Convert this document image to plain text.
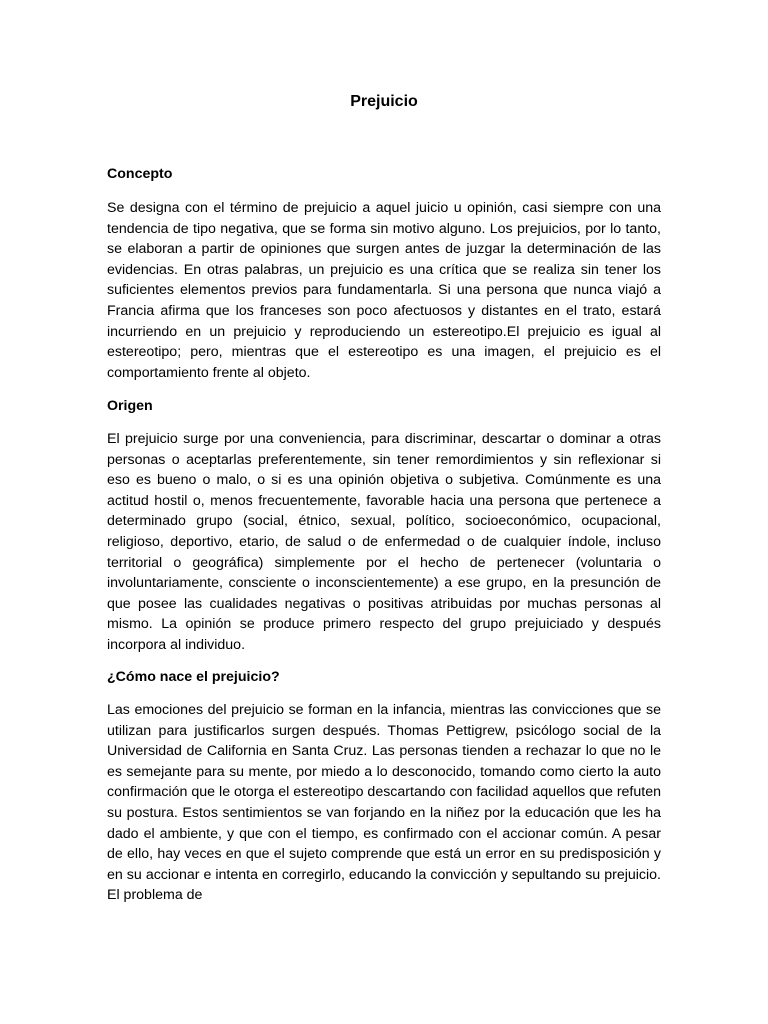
Prejuicio
Concepto

Se designa con el término de prejuicio a aquel juicio u opinión, casi siempre con una tendencia de tipo negativa, que se forma sin motivo alguno. Los prejuicios, por lo tanto, se elaboran a partir de opiniones que surgen antes de juzgar la determinación de las evidencias. En otras palabras, un prejuicio es una crítica que se realiza sin tener los suficientes elementos previos para fundamentarla. Si una persona que nunca viajó a Francia afirma que los franceses son poco afectuosos y distantes en el trato, estará incurriendo en un prejuicio y reproduciendo un estereotipo.El prejuicio es igual al estereotipo; pero, mientras que el estereotipo es una imagen, el prejuicio es el comportamiento frente al objeto.

Origen

El prejuicio surge por una conveniencia, para discriminar, descartar o dominar a otras personas o aceptarlas preferentemente, sin tener remordimientos y sin reflexionar si eso es bueno o malo, o si es una opinión objetiva o subjetiva. Comúnmente es una actitud hostil o, menos frecuentemente, favorable hacia una persona que pertenece a determinado grupo (social, étnico, sexual, político, socioeconómico, ocupacional, religioso, deportivo, etario, de salud o de enfermedad o de cualquier índole, incluso territorial o geográfica) simplemente por el hecho de pertenecer (voluntaria o involuntariamente, consciente o inconscientemente) a ese grupo, en la presunción de que posee las cualidades negativas o positivas atribuidas por muchas personas al mismo. La opinión se produce primero respecto del grupo prejuiciado y después incorpora al individuo.

¿Cómo nace el prejuicio?

Las emociones del prejuicio se forman en la infancia, mientras las convicciones que se utilizan para justificarlos surgen después. Thomas Pettigrew, psicólogo social de la Universidad de California en Santa Cruz. Las personas tienden a rechazar lo que no le es semejante para su mente, por miedo a lo desconocido, tomando como cierto la auto confirmación que le otorga el estereotipo descartando con facilidad aquellos que refuten su postura. Estos sentimientos se van forjando en la niñez por la educación que les ha dado el ambiente, y que con el tiempo, es confirmado con el accionar común. A pesar de ello, hay veces en que el sujeto comprende que está un error en su predisposición y en su accionar e intenta en corregirlo, educando la convicción y sepultando su prejuicio. El problema de
